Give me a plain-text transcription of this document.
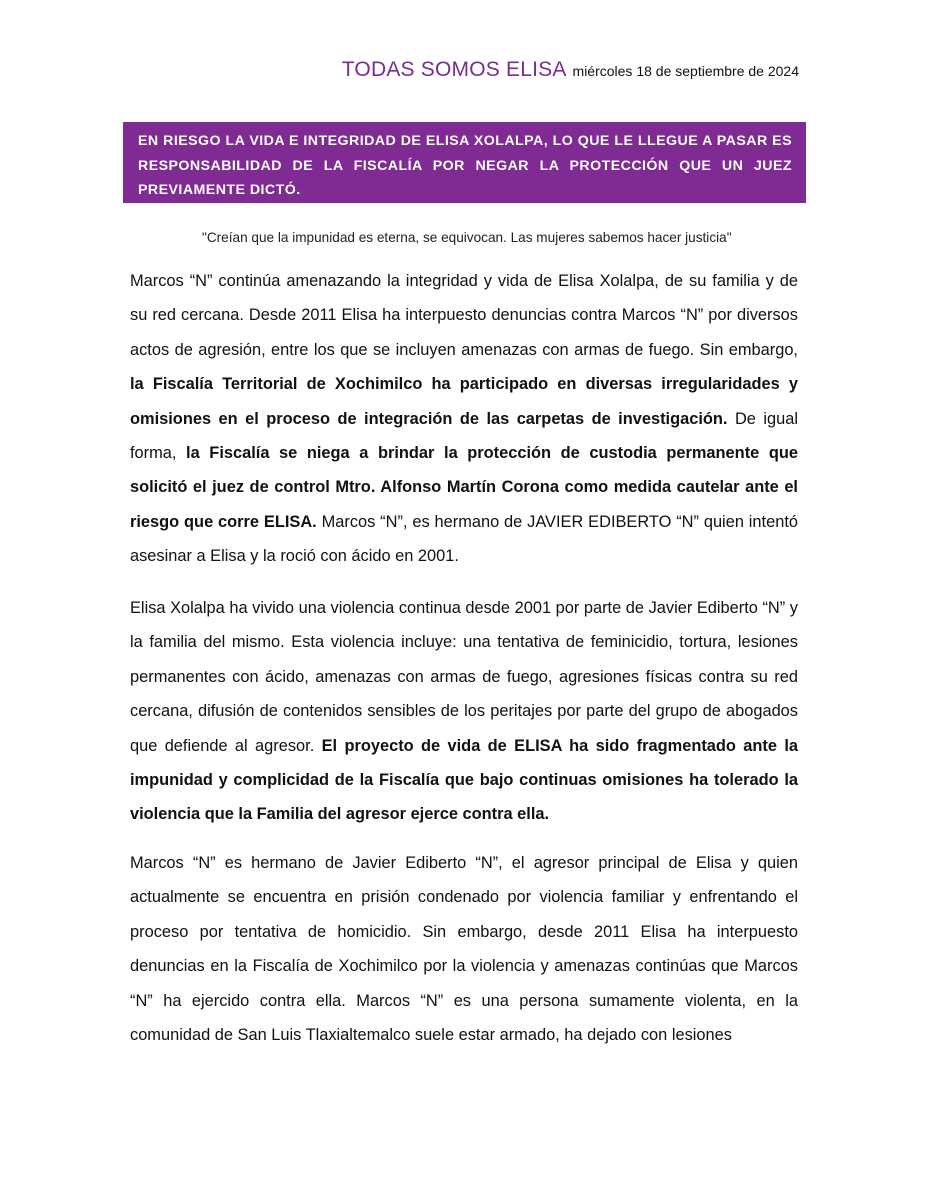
TODAS SOMOS ELISA miércoles 18 de septiembre de 2024

EN RIESGO LA VIDA E INTEGRIDAD DE ELISA XOLALPA, LO QUE LE LLEGUE A PASAR ES RESPONSABILIDAD DE LA FISCALÍA POR NEGAR LA PROTECCIÓN QUE UN JUEZ PREVIAMENTE DICTÓ.

"Creían que la impunidad es eterna, se equivocan. Las mujeres sabemos hacer justicia"

Marcos “N” continúa amenazando la integridad y vida de Elisa Xolalpa, de su familia y de su red cercana. Desde 2011 Elisa ha interpuesto denuncias contra Marcos “N” por diversos actos de agresión, entre los que se incluyen amenazas con armas de fuego. Sin embargo, la Fiscalía Territorial de Xochimilco ha participado en diversas irregularidades y omisiones en el proceso de integración de las carpetas de investigación. De igual forma, la Fiscalía se niega a brindar la protección de custodia permanente que solicitó el juez de control Mtro. Alfonso Martín Corona como medida cautelar ante el riesgo que corre ELISA. Marcos “N”, es hermano de JAVIER EDIBERTO “N” quien intentó asesinar a Elisa y la roció con ácido en 2001.

Elisa Xolalpa ha vivido una violencia continua desde 2001 por parte de Javier Ediberto “N” y la familia del mismo. Esta violencia incluye: una tentativa de feminicidio, tortura, lesiones permanentes con ácido, amenazas con armas de fuego, agresiones físicas contra su red cercana, difusión de contenidos sensibles de los peritajes por parte del grupo de abogados que defiende al agresor. El proyecto de vida de ELISA ha sido fragmentado ante la impunidad y complicidad de la Fiscalía que bajo continuas omisiones ha tolerado la violencia que la Familia del agresor ejerce contra ella.

Marcos “N” es hermano de Javier Ediberto “N”, el agresor principal de Elisa y quien actualmente se encuentra en prisión condenado por violencia familiar y enfrentando el proceso por tentativa de homicidio. Sin embargo, desde 2011 Elisa ha interpuesto denuncias en la Fiscalía de Xochimilco por la violencia y amenazas continúas que Marcos “N” ha ejercido contra ella. Marcos “N” es una persona sumamente violenta, en la comunidad de San Luis Tlaxialtemalco suele estar armado, ha dejado con lesiones
